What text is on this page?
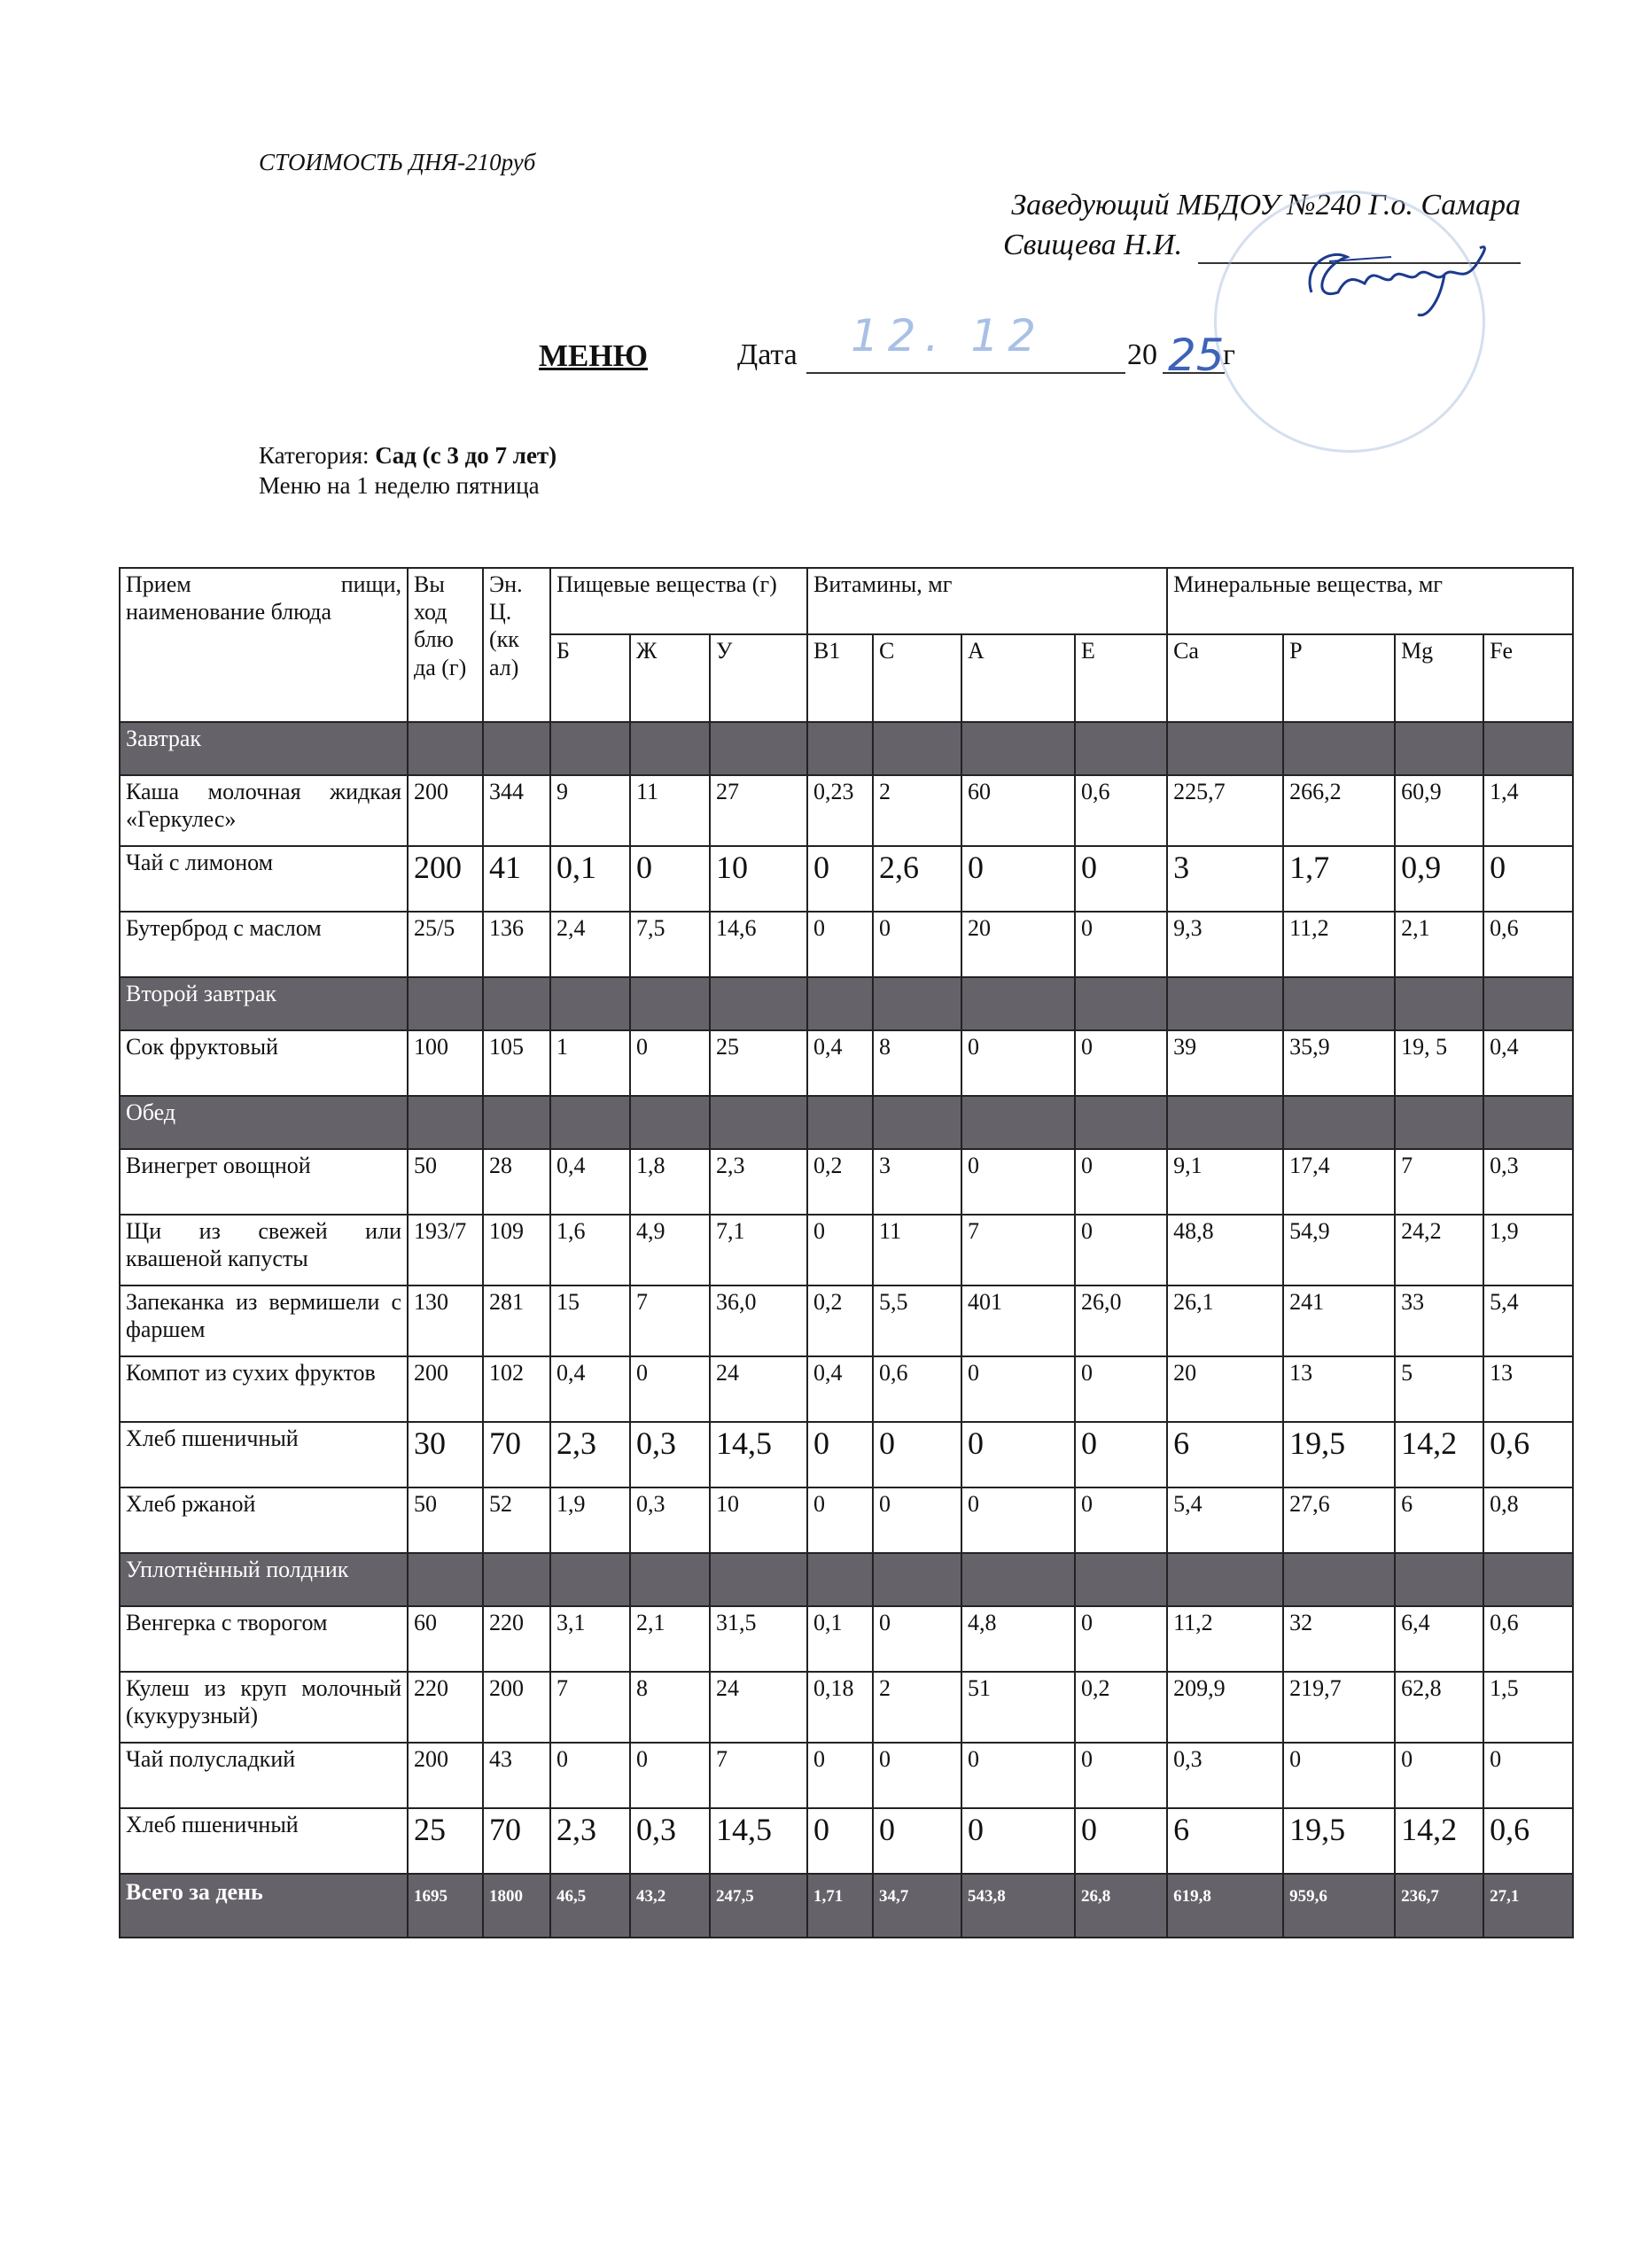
СТОИМОСТЬ ДНЯ-210руб
Заведующий МБДОУ №240 Г.о. Самара
Свищева Н.И.
МЕНЮ	Дата 12. 12	20 25
г
Категория: Сад (с 3 до 7 лет)
Меню на 1 неделю пятница
Прием пищи, наименование блюда	Вы ход блю да (г)	Эн. Ц. (кк ал)	Пищевые вещества (г)			Витамины, мг				Минеральные вещества, мг			
			Б	Ж	У	В1	С	А	Е	Са	Р	Mg	Fe
Завтрак													
Каша молочная жидкая «Геркулес»	200	344	9	11	27	0,23	2	60	0,6	225,7	266,2	60,9	1,4
Чай с лимоном	200	41	0,1	0	10	0	2,6	0	0	3	1,7	0,9	0
Бутерброд с маслом	25/5	136	2,4	7,5	14,6	0	0	20	0	9,3	11,2	2,1	0,6
Второй завтрак													
Сок фруктовый	100	105	1	0	25	0,4	8	0	0	39	35,9	19, 5	0,4
Обед													
Винегрет овощной	50	28	0,4	1,8	2,3	0,2	3	0	0	9,1	17,4	7	0,3
Щи из свежей или квашеной капусты	193/7	109	1,6	4,9	7,1	0	11	7	0	48,8	54,9	24,2	1,9
Запеканка из вермишели с фаршем	130	281	15	7	36,0	0,2	5,5	401	26,0	26,1	241	33	5,4
Компот из сухих фруктов	200	102	0,4	0	24	0,4	0,6	0	0	20	13	5	13
Хлеб пшеничный	30	70	2,3	0,3	14,5	0	0	0	0	6	19,5	14,2	0,6
Хлеб ржаной	50	52	1,9	0,3	10	0	0	0	0	5,4	27,6	6	0,8
Уплотнённый полдник													
Венгерка с творогом	60	220	3,1	2,1	31,5	0,1	0	4,8	0	11,2	32	6,4	0,6
Кулеш из круп молочный (кукурузный)	220	200	7	8	24	0,18	2	51	0,2	209,9	219,7	62,8	1,5
Чай полусладкий	200	43	0	0	7	0	0	0	0	0,3	0	0	0
Хлеб пшеничный	25	70	2,3	0,3	14,5	0	0	0	0	6	19,5	14,2	0,6
Всего за день	1695	1800	46,5	43,2	247,5	1,71	34,7	543,8	26,8	619,8	959,6	236,7	27,1
